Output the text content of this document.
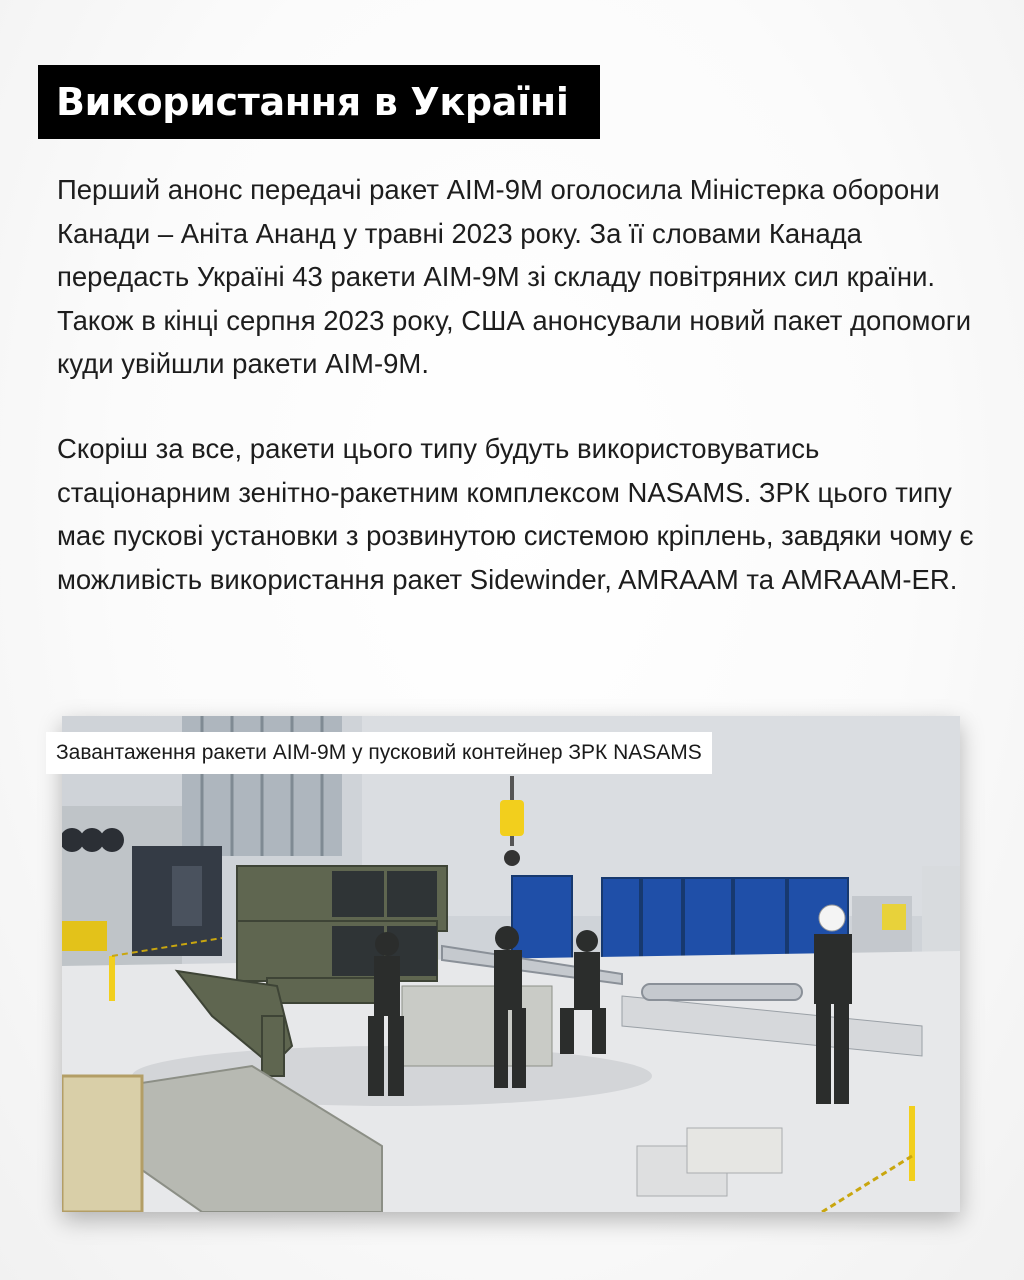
Використання в Україні

Перший анонс передачі ракет AIM-9M оголосила Міністерка оборони Канади – Аніта Ананд у травні 2023 року. За її словами Канада передасть Україні 43 ракети AIM-9M зі складу повітряних сил країни. Також в кінці серпня 2023 року, США анонсували новий пакет допомоги куди увійшли ракети AIM-9M.

Скоріш за все, ракети цього типу будуть використовуватись стаціонарним зенітно-ракетним комплексом NASAMS. ЗРК цього типу має пускові установки з розвинутою системою кріплень, завдяки чому є можливість використання ракет Sidewinder, AMRAAM та AMRAAM-ER.

Завантаження ракети AIM-9M у пусковий контейнер ЗРК NASAMS
